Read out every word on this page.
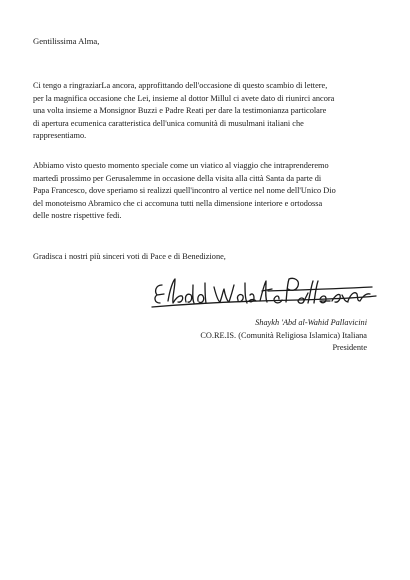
Gentilissima Alma,
Ci tengo a ringraziarLa ancora, approfittando dell'occasione di questo scambio di lettere,
per la magnifica occasione che Lei, insieme al dottor Millul ci avete dato di riunirci ancora
una volta insieme a Monsignor Buzzi e Padre Reati per dare la testimonianza particolare
di apertura ecumenica caratteristica dell'unica comunità di musulmani italiani che
rappresentiamo.
Abbiamo visto questo momento speciale come un viatico al viaggio che intraprenderemo
martedì prossimo per Gerusalemme in occasione della visita alla città Santa da parte di
Papa Francesco, dove speriamo si realizzi quell'incontro al vertice nel nome dell'Unico Dio
del monoteismo Abramico che ci accomuna tutti nella dimensione interiore e ortodossa
delle nostre rispettive fedi.
Gradisca i nostri più sinceri voti di Pace e di Benedizione,
Shaykh 'Abd al-Wahid Pallavicini
CO.RE.IS. (Comunità Religiosa Islamica) Italiana
Presidente
